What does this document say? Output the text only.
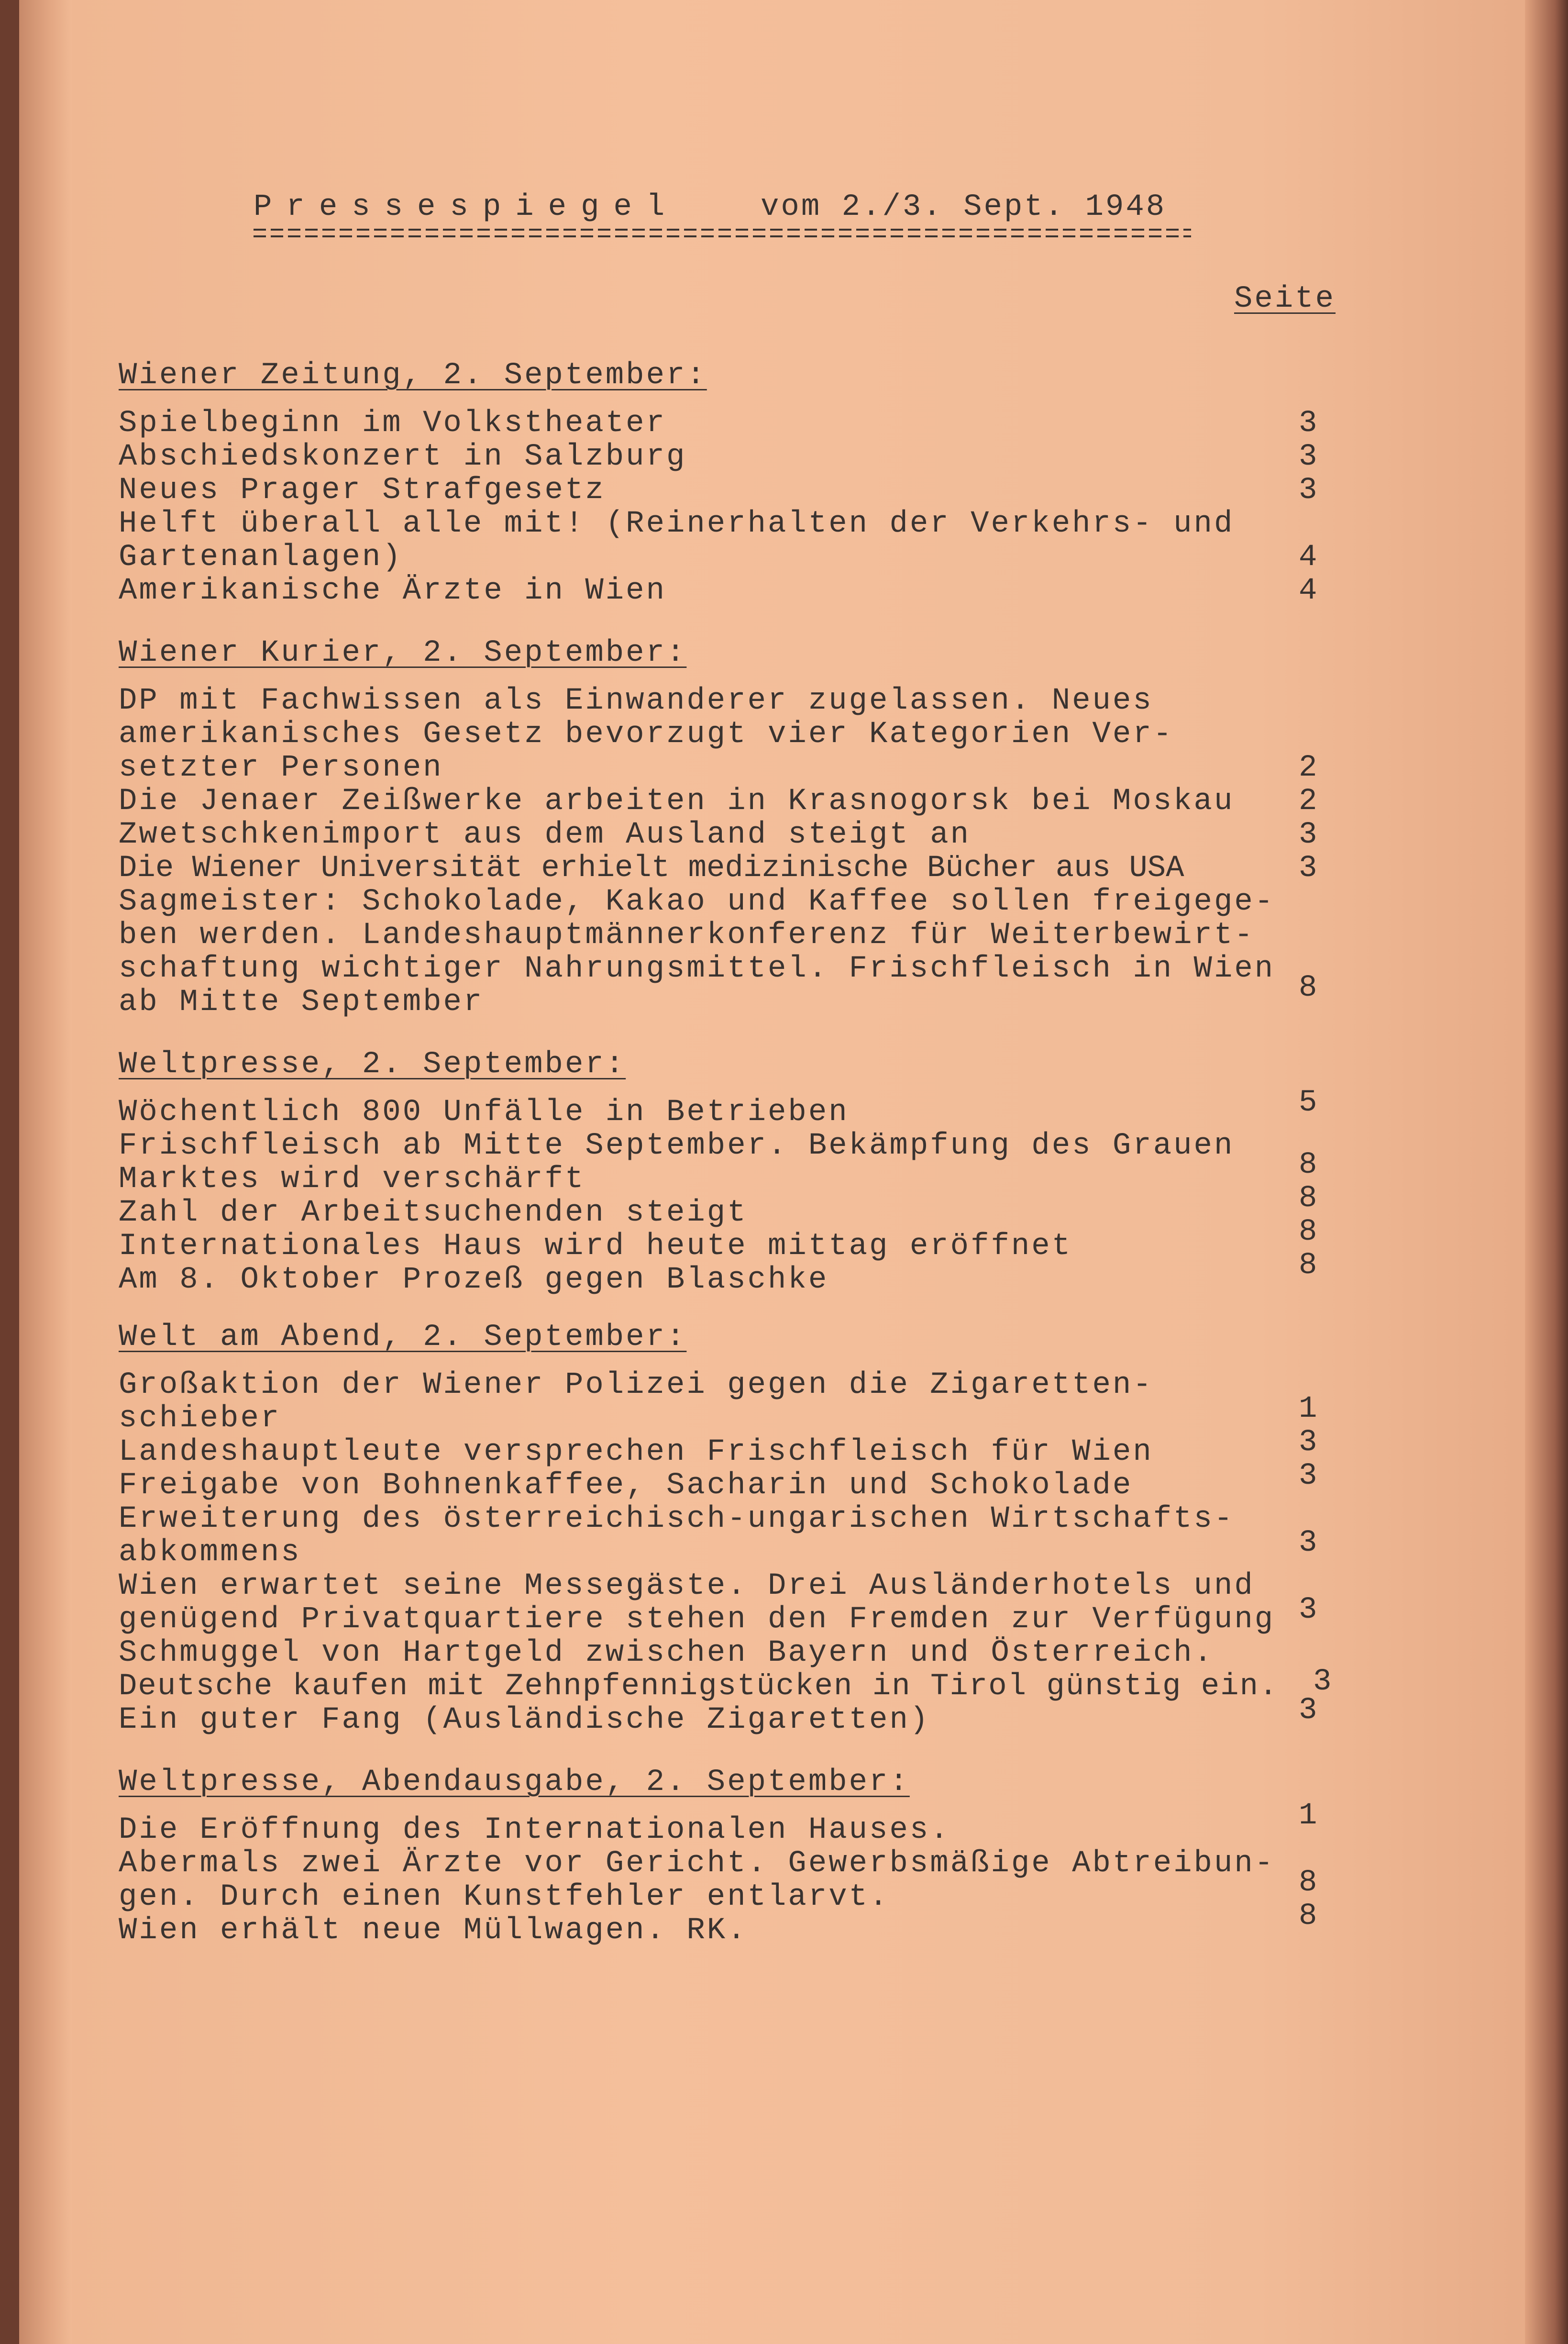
Pressespiegel	vom 2./3. Sept. 1948
Seite
Wiener Zeitung, 2. September:
Spielbeginn im Volkstheater	3
Abschiedskonzert in Salzburg	3
Neues Prager Strafgesetz	3
Helft überall alle mit! (Reinerhalten der Verkehrs- und
Gartenanlagen)	4
Amerikanische Ärzte in Wien	4
Wiener Kurier, 2. September:
DP mit Fachwissen als Einwanderer zugelassen. Neues
amerikanisches Gesetz bevorzugt vier Kategorien Ver-
setzter Personen	2
Die Jenaer Zeißwerke arbeiten in Krasnogorsk bei Moskau 2
Zwetschkenimport aus dem Ausland steigt an	3
Die Wiener Universität erhielt medizinische Bücher aus USA	3
Sagmeister: Schokolade, Kakao und Kaffee sollen freigege-
ben werden. Landeshauptmännerkonferenz für Weiterbewirt-
schaftung wichtiger Nahrungsmittel. Frischfleisch in Wien
ab Mitte September	8
Weltpresse, 2. September:
Wöchentlich 800 Unfälle in Betrieben	5
Frischfleisch ab Mitte September. Bekämpfung des Grauen
Marktes wird verschärft	8
Zahl der Arbeitsuchenden steigt	8
Internationales Haus wird heute mittag eröffnet	8
Am 8. Oktober Prozeß gegen Blaschke	8
Welt am Abend, 2. September:
Großaktion der Wiener Polizei gegen die Zigaretten-
schieber	1
Landeshauptleute versprechen Frischfleisch für Wien	3
Freigabe von Bohnenkaffee, Sacharin und Schokolade	3
Erweiterung des österreichisch-ungarischen Wirtschafts-
abkommens	3
Wien erwartet seine Messegäste. Drei Ausländerhotels und
genügend Privatquartiere stehen den Fremden zur Verfügung 3
Schmuggel von Hartgeld zwischen Bayern und Österreich.
Deutsche kaufen mit Zehnpfennigstücken in Tirol günstig ein. 3
Ein guter Fang (Ausländische Zigaretten)	3
Weltpresse, Abendausgabe, 2. September:
Die Eröffnung des Internationalen Hauses.	1
Abermals zwei Ärzte vor Gericht. Gewerbsmäßige Abtreibun-
gen. Durch einen Kunstfehler entlarvt.	8
Wien erhält neue Müllwagen. RK.	8
